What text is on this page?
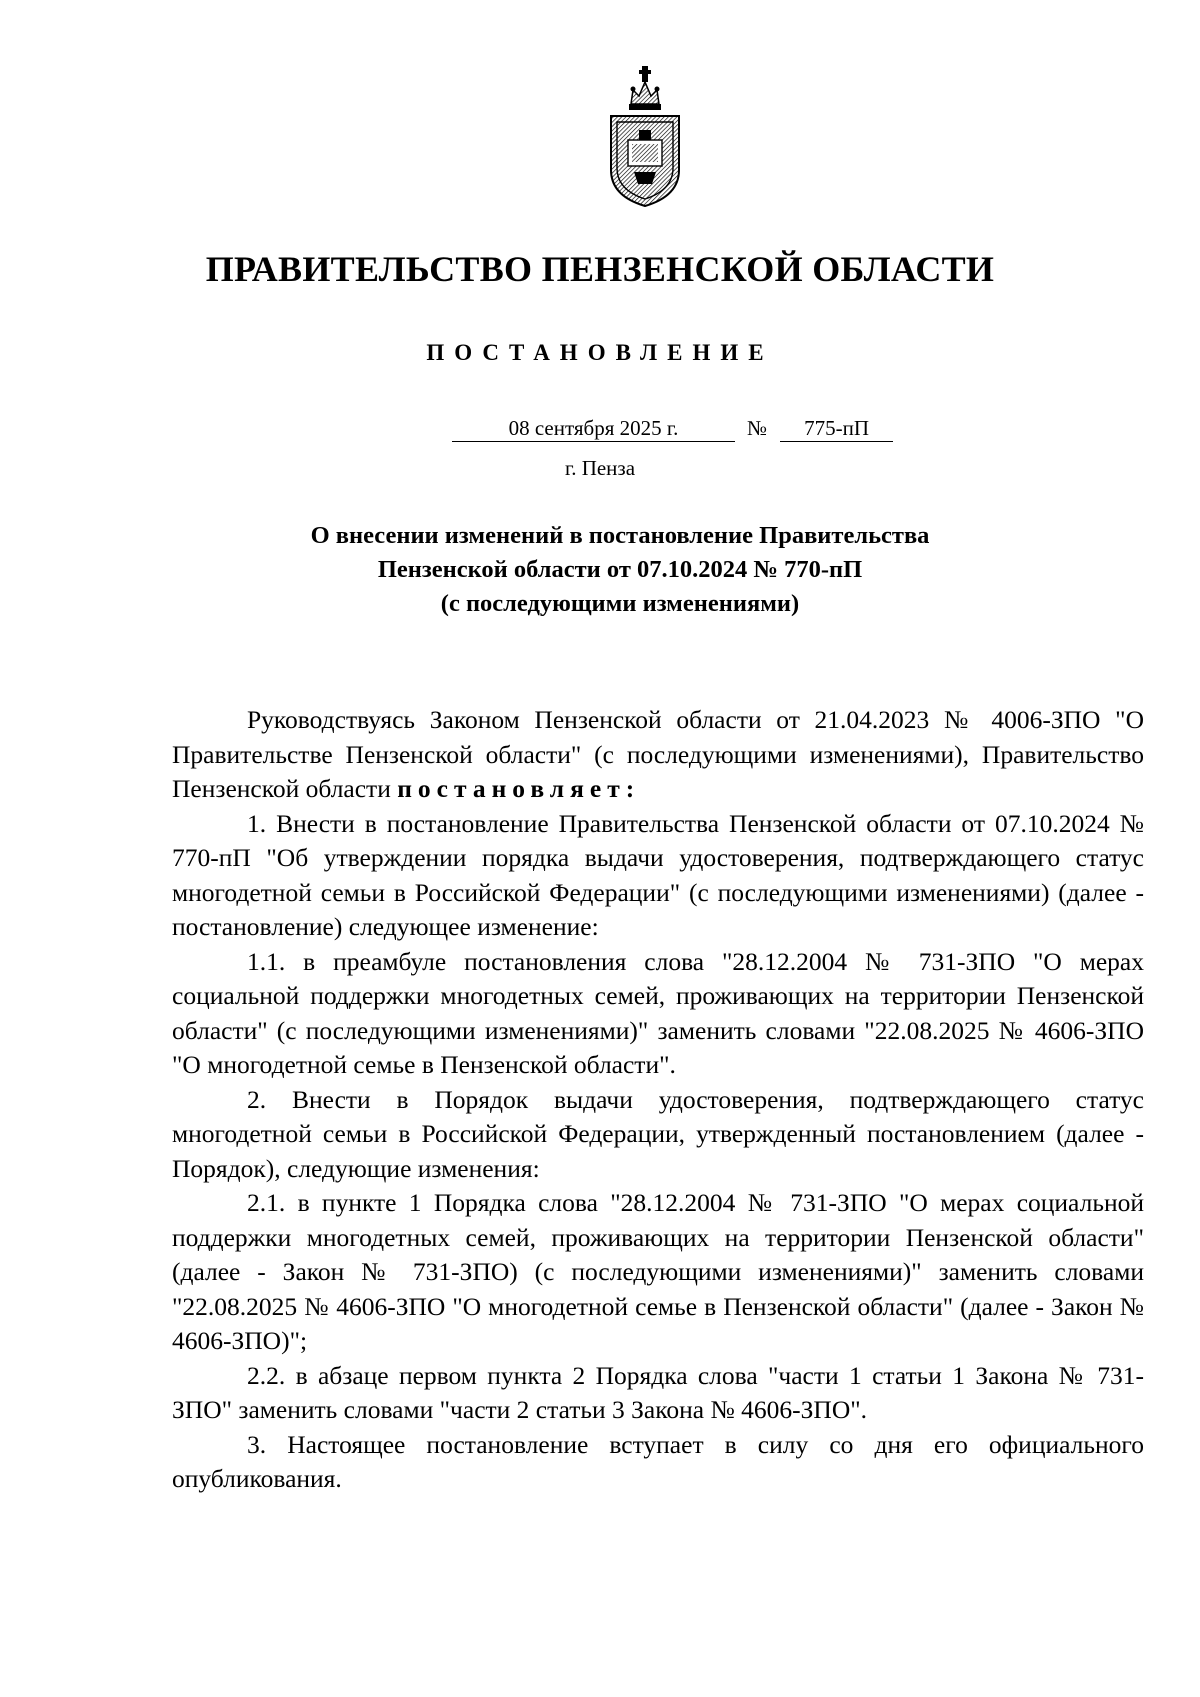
ПРАВИТЕЛЬСТВО ПЕНЗЕНСКОЙ ОБЛАСТИ
ПОСТАНОВЛЕНИЕ
08 сентября 2025 г.	№ 775-пП
г. Пенза
О внесении изменений в постановление Правительства
Пензенской области от 07.10.2024 № 770-пП
(с последующими изменениями)

Руководствуясь Законом Пензенской области от 21.04.2023 № 4006-ЗПО "О Правительстве Пензенской области" (с последующими изменениями), Правительство Пензенской области постановляет:

1. Внести в постановление Правительства Пензенской области от 07.10.2024 № 770-пП "Об утверждении порядка выдачи удостоверения, подтверждающего статус многодетной семьи в Российской Федерации" (с последующими изменениями) (далее - постановление) следующее изменение:

1.1. в преамбуле постановления слова "28.12.2004 № 731-ЗПО "О мерах социальной поддержки многодетных семей, проживающих на территории Пензенской области" (с последующими изменениями)" заменить словами "22.08.2025 № 4606-ЗПО "О многодетной семье в Пензенской области".

2. Внести в Порядок выдачи удостоверения, подтверждающего статус многодетной семьи в Российской Федерации, утвержденный постановлением (далее - Порядок), следующие изменения:

2.1. в пункте 1 Порядка слова "28.12.2004 № 731-ЗПО "О мерах социальной поддержки многодетных семей, проживающих на территории Пензенской области" (далее - Закон № 731-ЗПО) (с последующими изменениями)" заменить словами "22.08.2025 № 4606-ЗПО "О многодетной семье в Пензенской области" (далее - Закон № 4606-ЗПО)";

2.2. в абзаце первом пункта 2 Порядка слова "части 1 статьи 1 Закона № 731-ЗПО" заменить словами "части 2 статьи 3 Закона № 4606-ЗПО".

3. Настоящее постановление вступает в силу со дня его официального опубликования.
